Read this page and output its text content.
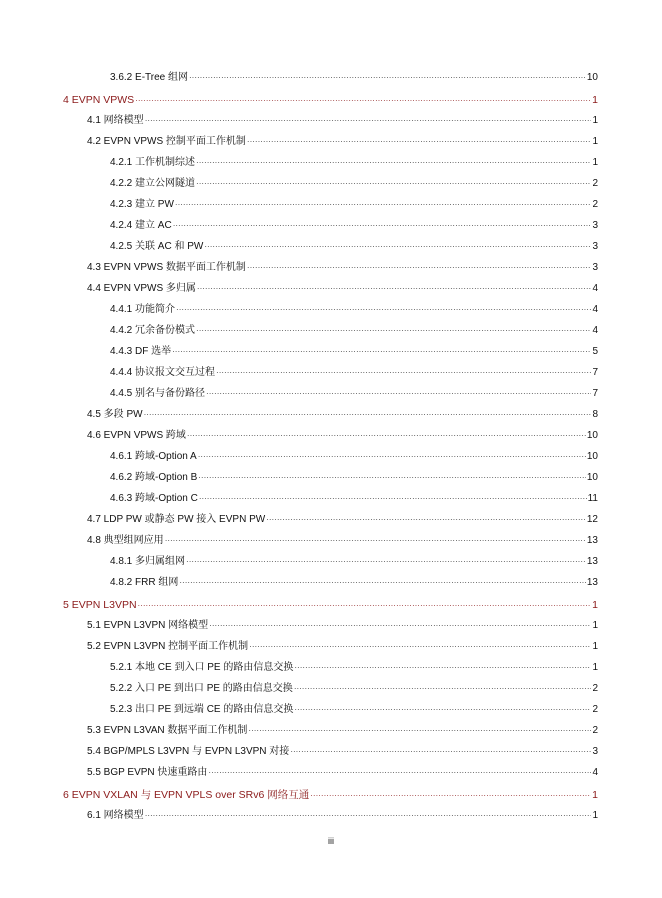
3.6.2 E-Tree 组网 ·····	10
4 EVPN VPWS ·····	1
4.1 网络模型 ·····	1
4.2 EVPN VPWS 控制平面工作机制 ·····	1
4.2.1 工作机制综述 ·····	1
4.2.2 建立公网隧道 ·····	2
4.2.3 建立 PW ·····	2
4.2.4 建立 AC ·····	3
4.2.5 关联 AC 和 PW ·····	3
4.3 EVPN VPWS 数据平面工作机制 ·····	3
4.4 EVPN VPWS 多归属 ·····	4
4.4.1 功能简介 ·····	4
4.4.2 冗余备份模式 ·····	4
4.4.3 DF 选举 ·····	5
4.4.4 协议报文交互过程 ·····	7
4.4.5 别名与备份路径 ·····	7
4.5 多段 PW ·····	8
4.6 EVPN VPWS 跨域 ·····	10
4.6.1 跨域-Option A ·····	10
4.6.2 跨域-Option B ·····	10
4.6.3 跨域-Option C ·····	11
4.7 LDP PW 或静态 PW 接入 EVPN PW ·····	12
4.8 典型组网应用 ·····	13
4.8.1 多归属组网 ·····	13
4.8.2 FRR 组网 ·····	13
5 EVPN L3VPN ·····	1
5.1 EVPN L3VPN 网络模型 ·····	1
5.2 EVPN L3VPN 控制平面工作机制 ·····	1
5.2.1 本地 CE 到入口 PE 的路由信息交换 ·····	1
5.2.2 入口 PE 到出口 PE 的路由信息交换 ·····	2
5.2.3 出口 PE 到远端 CE 的路由信息交换 ·····	2
5.3 EVPN L3VAN 数据平面工作机制 ·····	2
5.4 BGP/MPLS L3VPN 与 EVPN L3VPN 对接 ·····	3
5.5 BGP EVPN 快速重路由 ·····	4
6 EVPN VXLAN 与 EVPN VPLS over SRv6 网络互通 ·····	1
6.1 网络模型 ·····	1
iii
